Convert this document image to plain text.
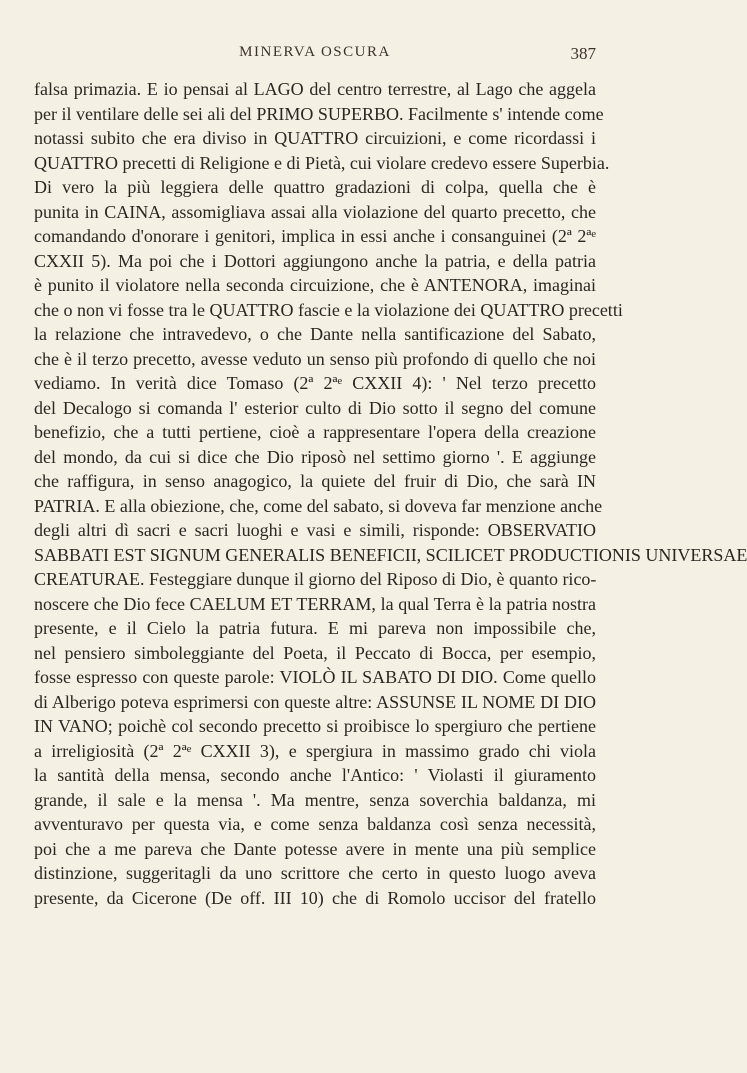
MINERVA OSCURA	387
falsa primazia. E io pensai al LAGO del centro terrestre, al Lago che aggela
per il ventilare delle sei ali del PRIMO SUPERBO. Facilmente s' intende come
notassi subito che era diviso in QUATTRO circuizioni, e come ricordassi i
QUATTRO precetti di Religione e di Pietà, cui violare credevo essere Superbia.
Di vero la più leggiera delle quattro gradazioni di colpa, quella che è
punita in CAINA, assomigliava assai alla violazione del quarto precetto, che
comandando d'onorare i genitori, implica in essi anche i consanguinei (2ª 2ªᵉ
CXXII 5). Ma poi che i Dottori aggiungono anche la patria, e della patria
è punito il violatore nella seconda circuizione, che è ANTENORA, imaginai
che o non vi fosse tra le QUATTRO fascie e la violazione dei QUATTRO precetti
la relazione che intravedevo, o che Dante nella santificazione del Sabato,
che è il terzo precetto, avesse veduto un senso più profondo di quello che noi
vediamo. In verità dice Tomaso (2ª 2ªᵉ CXXII 4): ' Nel terzo precetto
del Decalogo si comanda l' esterior culto di Dio sotto il segno del comune
benefizio, che a tutti pertiene, cioè a rappresentare l'opera della creazione
del mondo, da cui si dice che Dio riposò nel settimo giorno '. E aggiunge
che raffigura, in senso anagogico, la quiete del fruir di Dio, che sarà IN
PATRIA. E alla obiezione, che, come del sabato, si doveva far menzione anche
degli altri dì sacri e sacri luoghi e vasi e simili, risponde: OBSERVATIO
SABBATI EST SIGNUM GENERALIS BENEFICII, SCILICET PRODUCTIONIS UNIVERSAE
CREATURAE. Festeggiare dunque il giorno del Riposo di Dio, è quanto rico-
noscere che Dio fece CAELUM ET TERRAM, la qual Terra è la patria nostra
presente, e il Cielo la patria futura. E mi pareva non impossibile che,
nel pensiero simboleggiante del Poeta, il Peccato di Bocca, per esempio,
fosse espresso con queste parole: VIOLÒ IL SABATO DI DIO. Come quello
di Alberigo poteva esprimersi con queste altre: ASSUNSE IL NOME DI DIO
IN VANO; poichè col secondo precetto si proibisce lo spergiuro che pertiene
a irreligiosità (2ª 2ªᵉ CXXII 3), e spergiura in massimo grado chi viola
la santità della mensa, secondo anche l'Antico: ' Violasti il giuramento
grande, il sale e la mensa '. Ma mentre, senza soverchia baldanza, mi
avventuravo per questa via, e come senza baldanza così senza necessità,
poi che a me pareva che Dante potesse avere in mente una più semplice
distinzione, suggeritagli da uno scrittore che certo in questo luogo aveva
presente, da Cicerone (De off. III 10) che di Romolo uccisor del fratello
